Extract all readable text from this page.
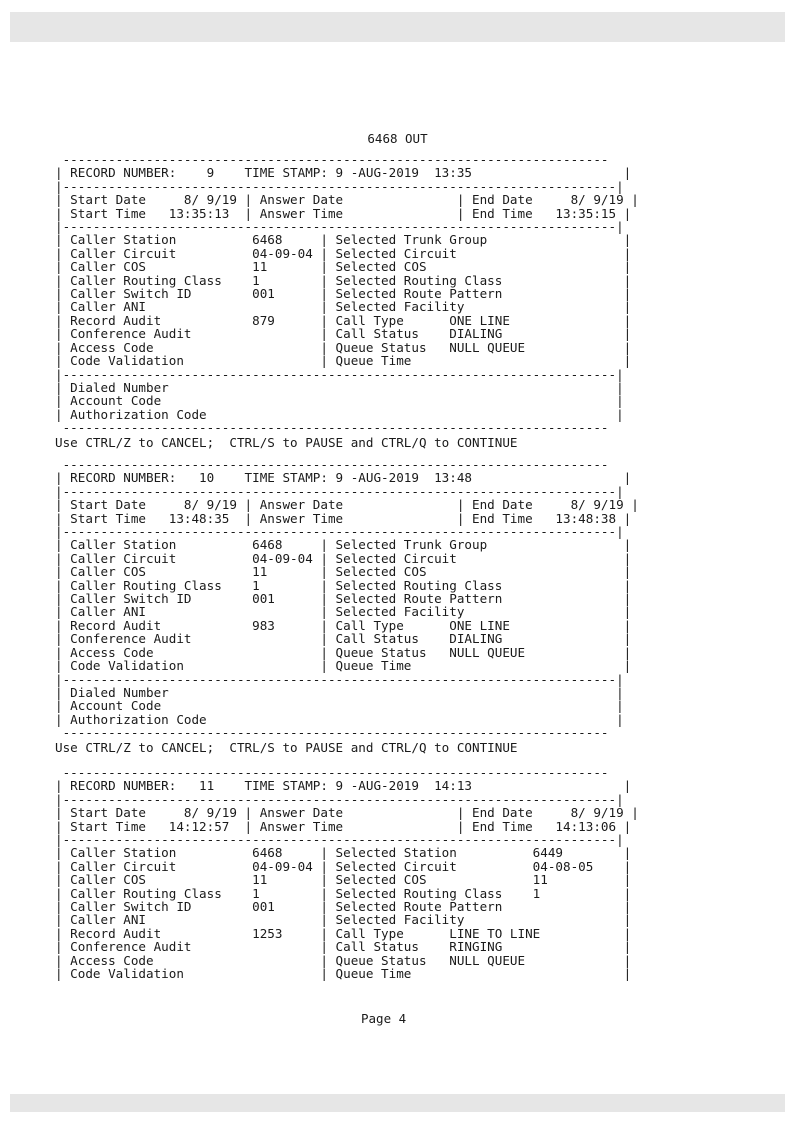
6468 OUT
------------------------------------------------------------------------
| RECORD NUMBER:    9    TIME STAMP: 9 -AUG-2019  13:35                    |
|-------------------------------------------------------------------------|
| Start Date     8/ 9/19 | Answer Date               | End Date     8/ 9/19 |
| Start Time   13:35:13  | Answer Time               | End Time   13:35:15 |
|-------------------------------------------------------------------------|
| Caller Station          6468     | Selected Trunk Group                  |
| Caller Circuit          04-09-04 | Selected Circuit                      |
| Caller COS              11       | Selected COS                          |
| Caller Routing Class    1        | Selected Routing Class                |
| Caller Switch ID        001      | Selected Route Pattern                |
| Caller ANI                       | Selected Facility                     |
| Record Audit            879      | Call Type      ONE LINE               |
| Conference Audit                 | Call Status    DIALING                |
| Access Code                      | Queue Status   NULL QUEUE             |
| Code Validation                  | Queue Time                            |
|-------------------------------------------------------------------------|
| Dialed Number                                                           |
| Account Code                                                            |
| Authorization Code                                                      |
------------------------------------------------------------------------
Use CTRL/Z to CANCEL;  CTRL/S to PAUSE and CTRL/Q to CONTINUE
------------------------------------------------------------------------
| RECORD NUMBER:   10    TIME STAMP: 9 -AUG-2019  13:48                    |
|-------------------------------------------------------------------------|
| Start Date     8/ 9/19 | Answer Date               | End Date     8/ 9/19 |
| Start Time   13:48:35  | Answer Time               | End Time   13:48:38 |
|-------------------------------------------------------------------------|
| Caller Station          6468     | Selected Trunk Group                  |
| Caller Circuit          04-09-04 | Selected Circuit                      |
| Caller COS              11       | Selected COS                          |
| Caller Routing Class    1        | Selected Routing Class                |
| Caller Switch ID        001      | Selected Route Pattern                |
| Caller ANI                       | Selected Facility                     |
| Record Audit            983      | Call Type      ONE LINE               |
| Conference Audit                 | Call Status    DIALING                |
| Access Code                      | Queue Status   NULL QUEUE             |
| Code Validation                  | Queue Time                            |
|-------------------------------------------------------------------------|
| Dialed Number                                                           |
| Account Code                                                            |
| Authorization Code                                                      |
------------------------------------------------------------------------
Use CTRL/Z to CANCEL;  CTRL/S to PAUSE and CTRL/Q to CONTINUE
------------------------------------------------------------------------
| RECORD NUMBER:   11    TIME STAMP: 9 -AUG-2019  14:13                    |
|-------------------------------------------------------------------------|
| Start Date     8/ 9/19 | Answer Date               | End Date     8/ 9/19 |
| Start Time   14:12:57  | Answer Time               | End Time   14:13:06 |
|-------------------------------------------------------------------------|
| Caller Station          6468     | Selected Station          6449        |
| Caller Circuit          04-09-04 | Selected Circuit          04-08-05    |
| Caller COS              11       | Selected COS              11          |
| Caller Routing Class    1        | Selected Routing Class    1           |
| Caller Switch ID        001      | Selected Route Pattern                |
| Caller ANI                       | Selected Facility                     |
| Record Audit            1253     | Call Type      LINE TO LINE           |
| Conference Audit                 | Call Status    RINGING                |
| Access Code                      | Queue Status   NULL QUEUE             |
| Code Validation                  | Queue Time                            |
Page 4
